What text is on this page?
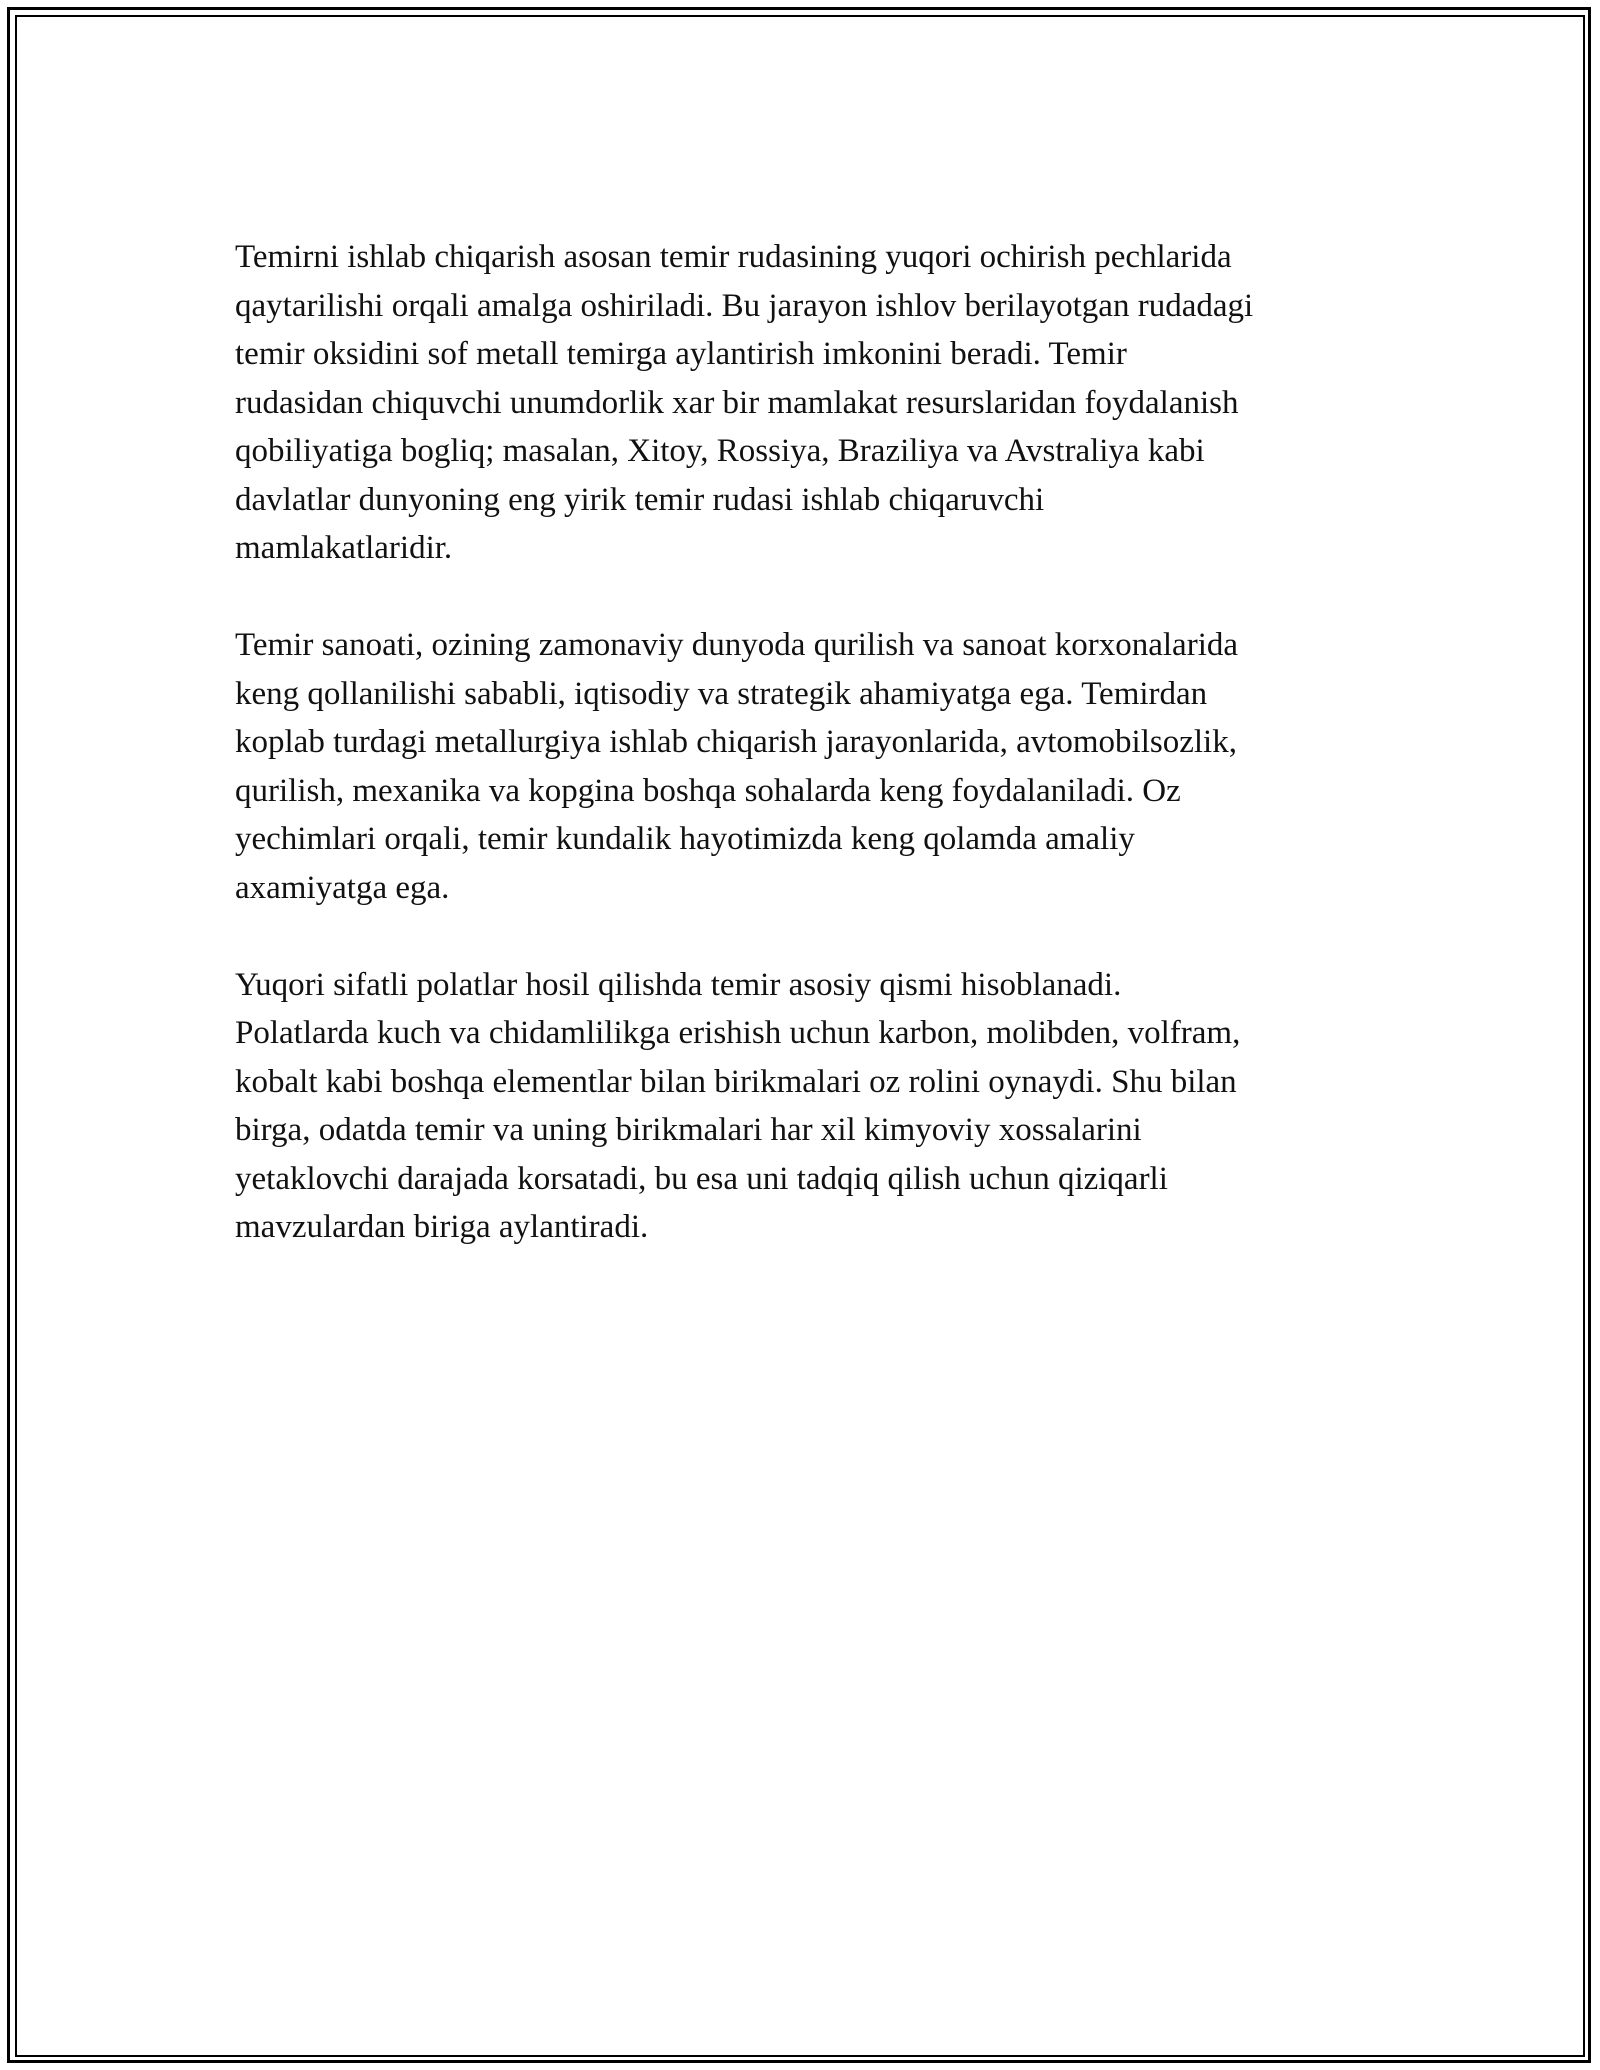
Temirni ishlab chiqarish asosan temir rudasining yuqori ochirish pechlarida
qaytarilishi orqali amalga oshiriladi. Bu jarayon ishlov berilayotgan rudadagi
temir oksidini sof metall temirga aylantirish imkonini beradi. Temir
rudasidan chiquvchi unumdorlik xar bir mamlakat resurslaridan foydalanish
qobiliyatiga bogliq; masalan, Xitoy, Rossiya, Braziliya va Avstraliya kabi
davlatlar dunyoning eng yirik temir rudasi ishlab chiqaruvchi
mamlakatlaridir.

Temir sanoati, ozining zamonaviy dunyoda qurilish va sanoat korxonalarida
keng qollanilishi sababli, iqtisodiy va strategik ahamiyatga ega. Temirdan
koplab turdagi metallurgiya ishlab chiqarish jarayonlarida, avtomobilsozlik,
qurilish, mexanika va kopgina boshqa sohalarda keng foydalaniladi. Oz
yechimlari orqali, temir kundalik hayotimizda keng qolamda amaliy
axamiyatga ega.

Yuqori sifatli polatlar hosil qilishda temir asosiy qismi hisoblanadi.
Polatlarda kuch va chidamlilikga erishish uchun karbon, molibden, volfram,
kobalt kabi boshqa elementlar bilan birikmalari oz rolini oynaydi. Shu bilan
birga, odatda temir va uning birikmalari har xil kimyoviy xossalarini
yetaklovchi darajada korsatadi, bu esa uni tadqiq qilish uchun qiziqarli
mavzulardan biriga aylantiradi.
